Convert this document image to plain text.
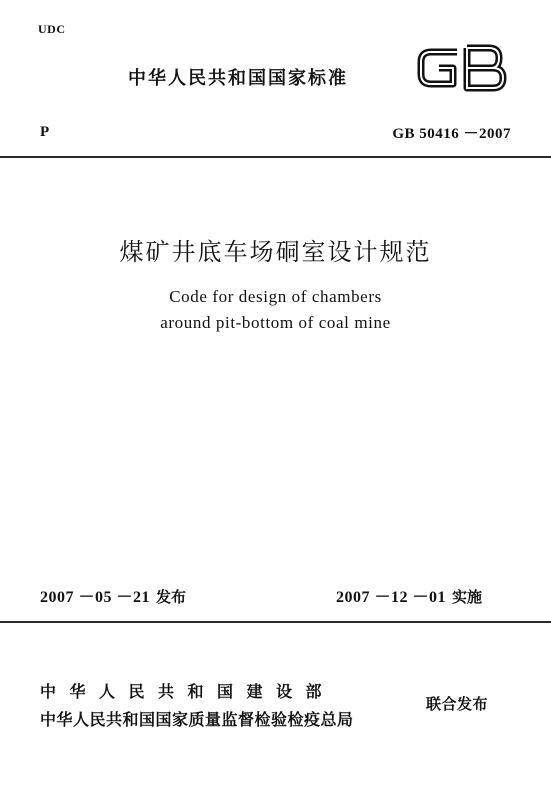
UDC
中华人民共和国国家标准
P	GB 50416 －2007
煤矿井底车场硐室设计规范
Code for design of chambers
around pit-bottom of coal mine
2007 －05 －21 发布	2007 －12 －01 实施
中华人民共和国建设部
中华人民共和国国家质量监督检验检疫总局
联合发布
